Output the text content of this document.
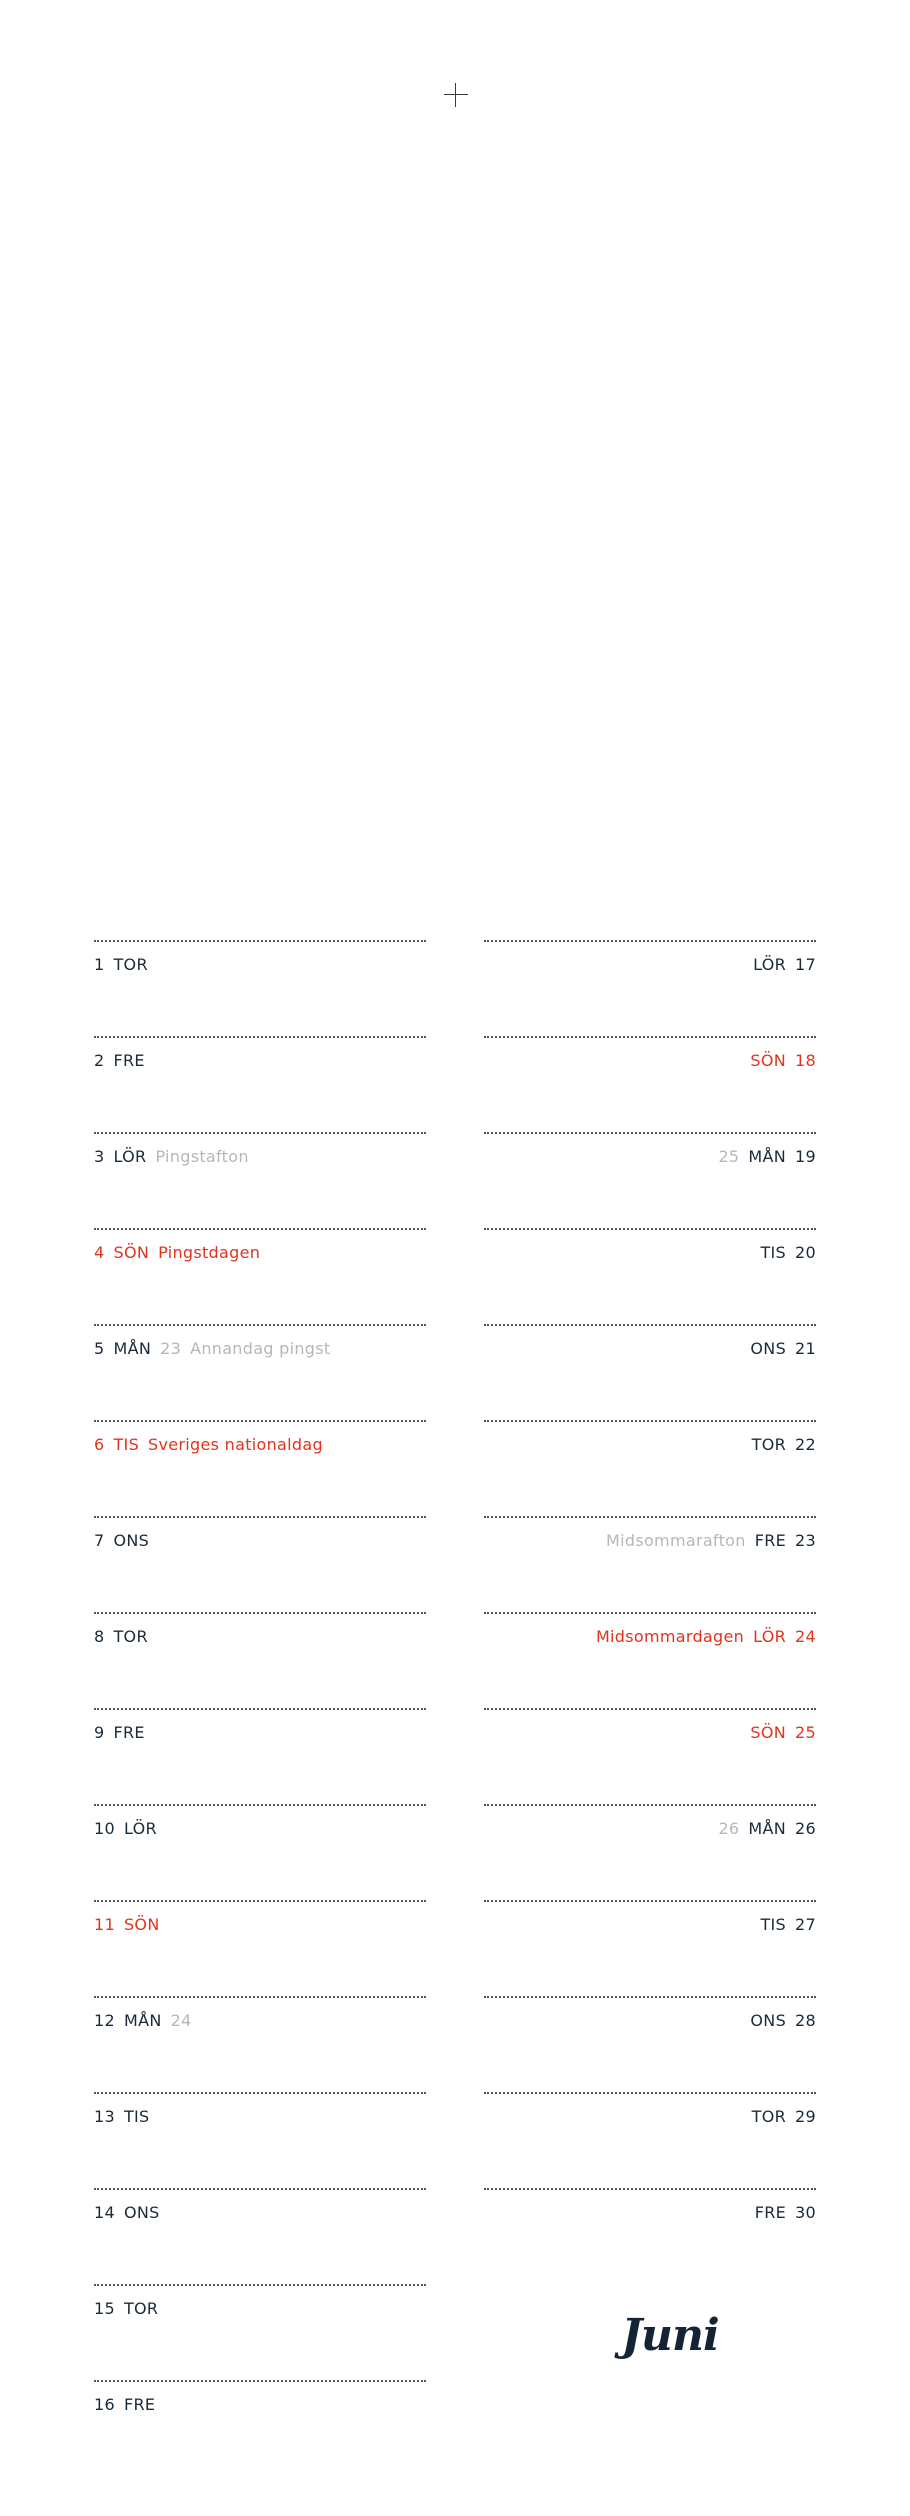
1 TOR
2 FRE
3 LÖR Pingstafton
4 SÖN Pingstdagen
5 MÅN 23 Annandag pingst
6 TIS Sveriges nationaldag
7 ONS
8 TOR
9 FRE
10 LÖR
11 SÖN
12 MÅN 24
13 TIS
14 ONS
15 TOR
16 FRE
LÖR 17
SÖN 18
25 MÅN 19
TIS 20
ONS 21
TOR 22
Midsommarafton FRE 23
Midsommardagen LÖR 24
SÖN 25
26 MÅN 26
TIS 27
ONS 28
TOR 29
FRE 30
Juni
